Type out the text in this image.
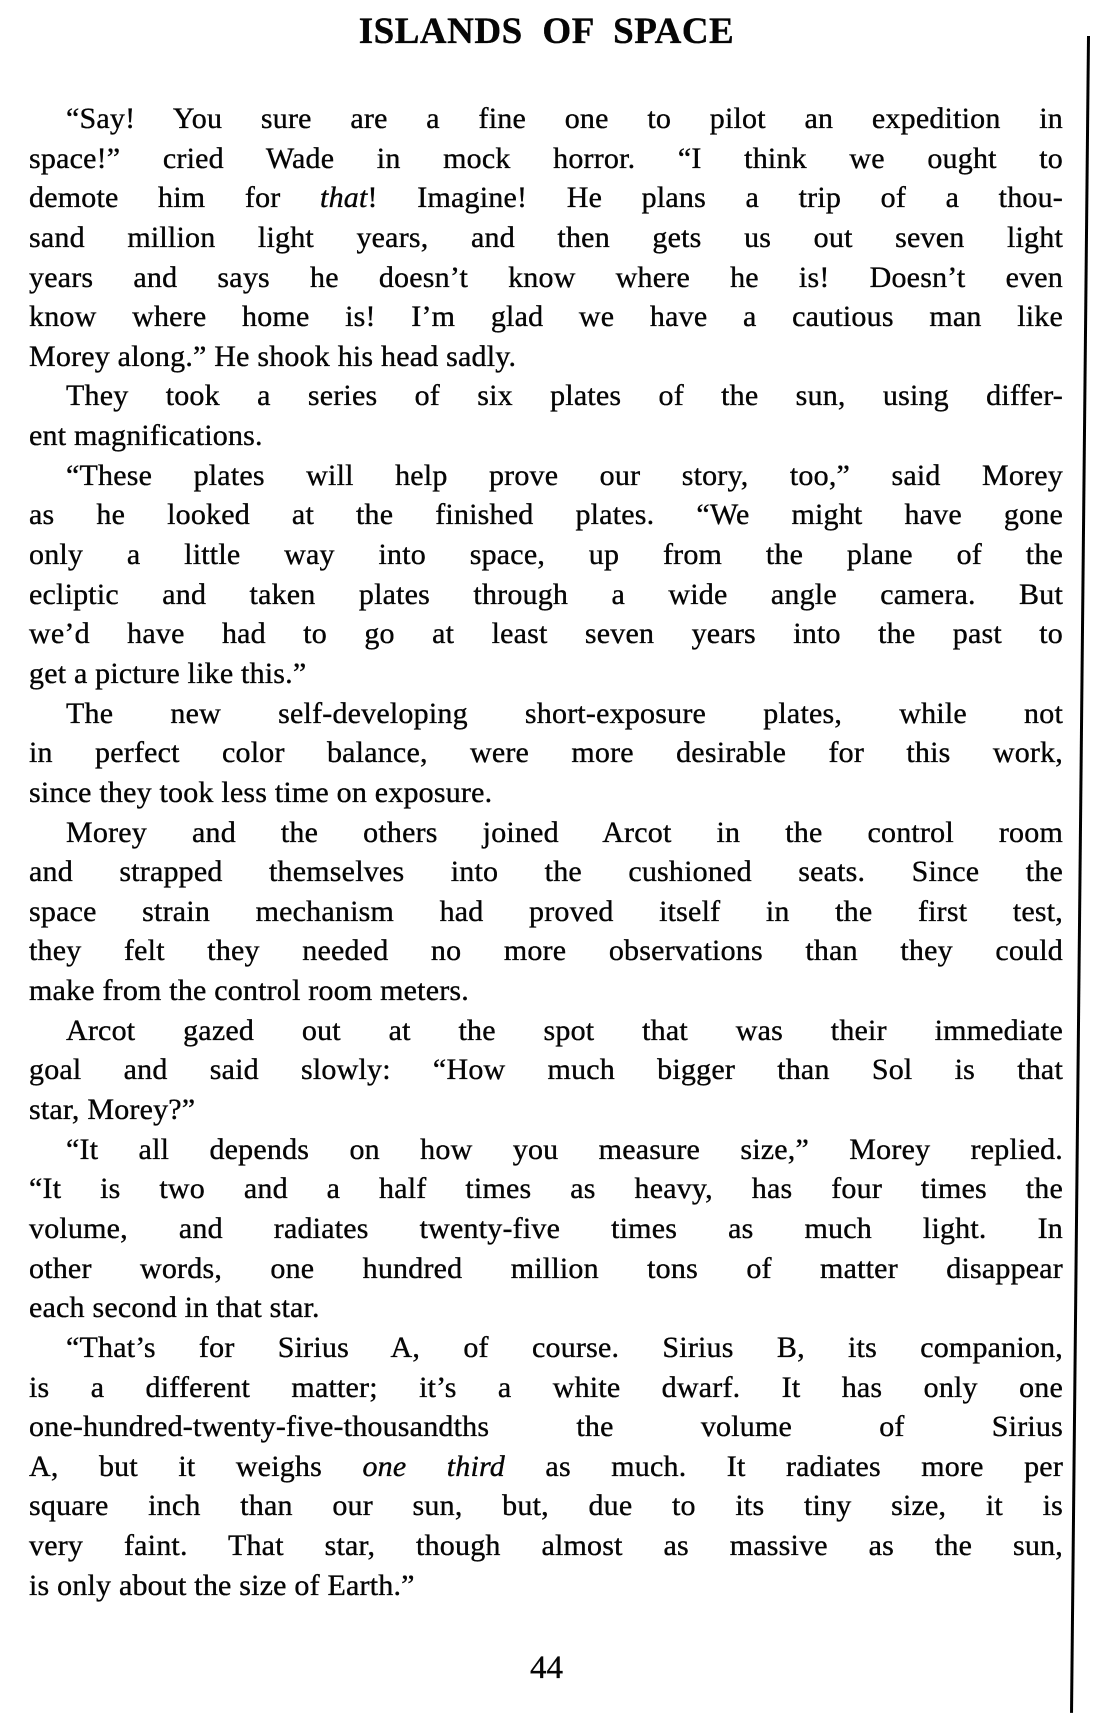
ISLANDS OF SPACE
“Say! You sure are a fine one to pilot an expedition in
space!” cried Wade in mock horror. “I think we ought to
demote him for that! Imagine! He plans a trip of a thou-
sand million light years, and then gets us out seven light
years and says he doesn’t know where he is! Doesn’t even
know where home is! I’m glad we have a cautious man like
Morey along.” He shook his head sadly.
They took a series of six plates of the sun, using differ-
ent magnifications.
“These plates will help prove our story, too,” said Morey
as he looked at the finished plates. “We might have gone
only a little way into space, up from the plane of the
ecliptic and taken plates through a wide angle camera. But
we’d have had to go at least seven years into the past to
get a picture like this.”
The new self-developing short-exposure plates, while not
in perfect color balance, were more desirable for this work,
since they took less time on exposure.
Morey and the others joined Arcot in the control room
and strapped themselves into the cushioned seats. Since the
space strain mechanism had proved itself in the first test,
they felt they needed no more observations than they could
make from the control room meters.
Arcot gazed out at the spot that was their immediate
goal and said slowly: “How much bigger than Sol is that
star, Morey?”
“It all depends on how you measure size,” Morey replied.
“It is two and a half times as heavy, has four times the
volume, and radiates twenty-five times as much light. In
other words, one hundred million tons of matter disappear
each second in that star.
“That’s for Sirius A, of course. Sirius B, its companion,
is a different matter; it’s a white dwarf. It has only one
one-hundred-twenty-five-thousandths the volume of Sirius
A, but it weighs one third as much. It radiates more per
square inch than our sun, but, due to its tiny size, it is
very faint. That star, though almost as massive as the sun,
is only about the size of Earth.”
44
